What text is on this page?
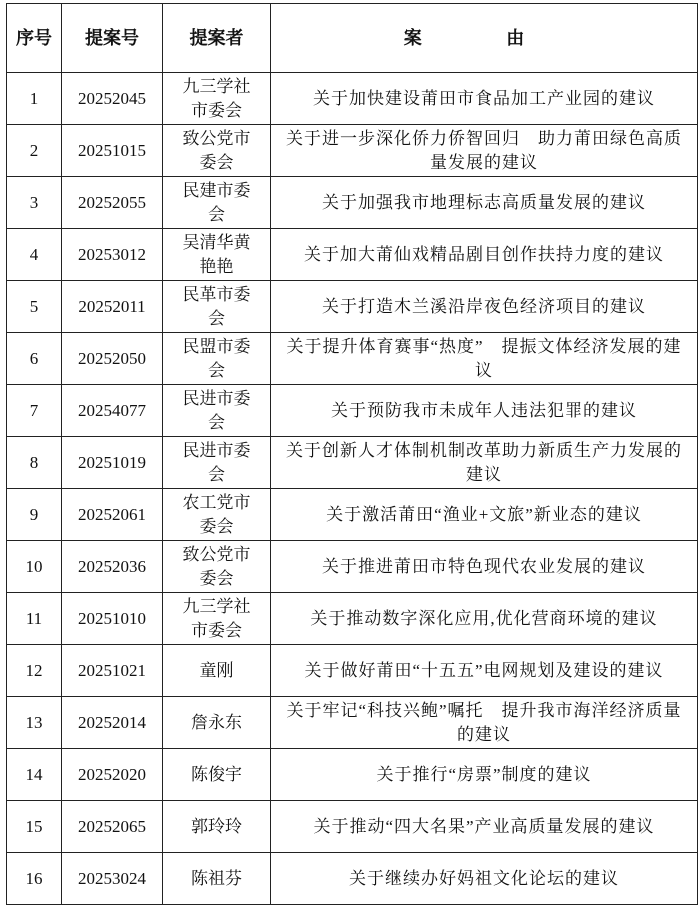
序号	提案号	提案者	案 由
1	20252045	九三学社市委会	关于加快建设莆田市食品加工产业园的建议
2	20251015	致公党市委会	关于进一步深化侨力侨智回归　助力莆田绿色高质量发展的建议
3	20252055	民建市委会	关于加强我市地理标志高质量发展的建议
4	20253012	吴清华黄艳艳	关于加大莆仙戏精品剧目创作扶持力度的建议
5	20252011	民革市委会	关于打造木兰溪沿岸夜色经济项目的建议
6	20252050	民盟市委会	关于提升体育赛事“热度”　提振文体经济发展的建议
7	20254077	民进市委会	关于预防我市未成年人违法犯罪的建议
8	20251019	民进市委会	关于创新人才体制机制改革助力新质生产力发展的建议
9	20252061	农工党市委会	关于激活莆田“渔业+文旅”新业态的建议
10	20252036	致公党市委会	关于推进莆田市特色现代农业发展的建议
11	20251010	九三学社市委会	关于推动数字深化应用,优化营商环境的建议
12	20251021	童刚	关于做好莆田“十五五”电网规划及建设的建议
13	20252014	詹永东	关于牢记“科技兴鲍”嘱托　提升我市海洋经济质量的建议
14	20252020	陈俊宇	关于推行“房票”制度的建议
15	20252065	郭玲玲	关于推动“四大名果”产业高质量发展的建议
16	20253024	陈祖芬	关于继续办好妈祖文化论坛的建议
